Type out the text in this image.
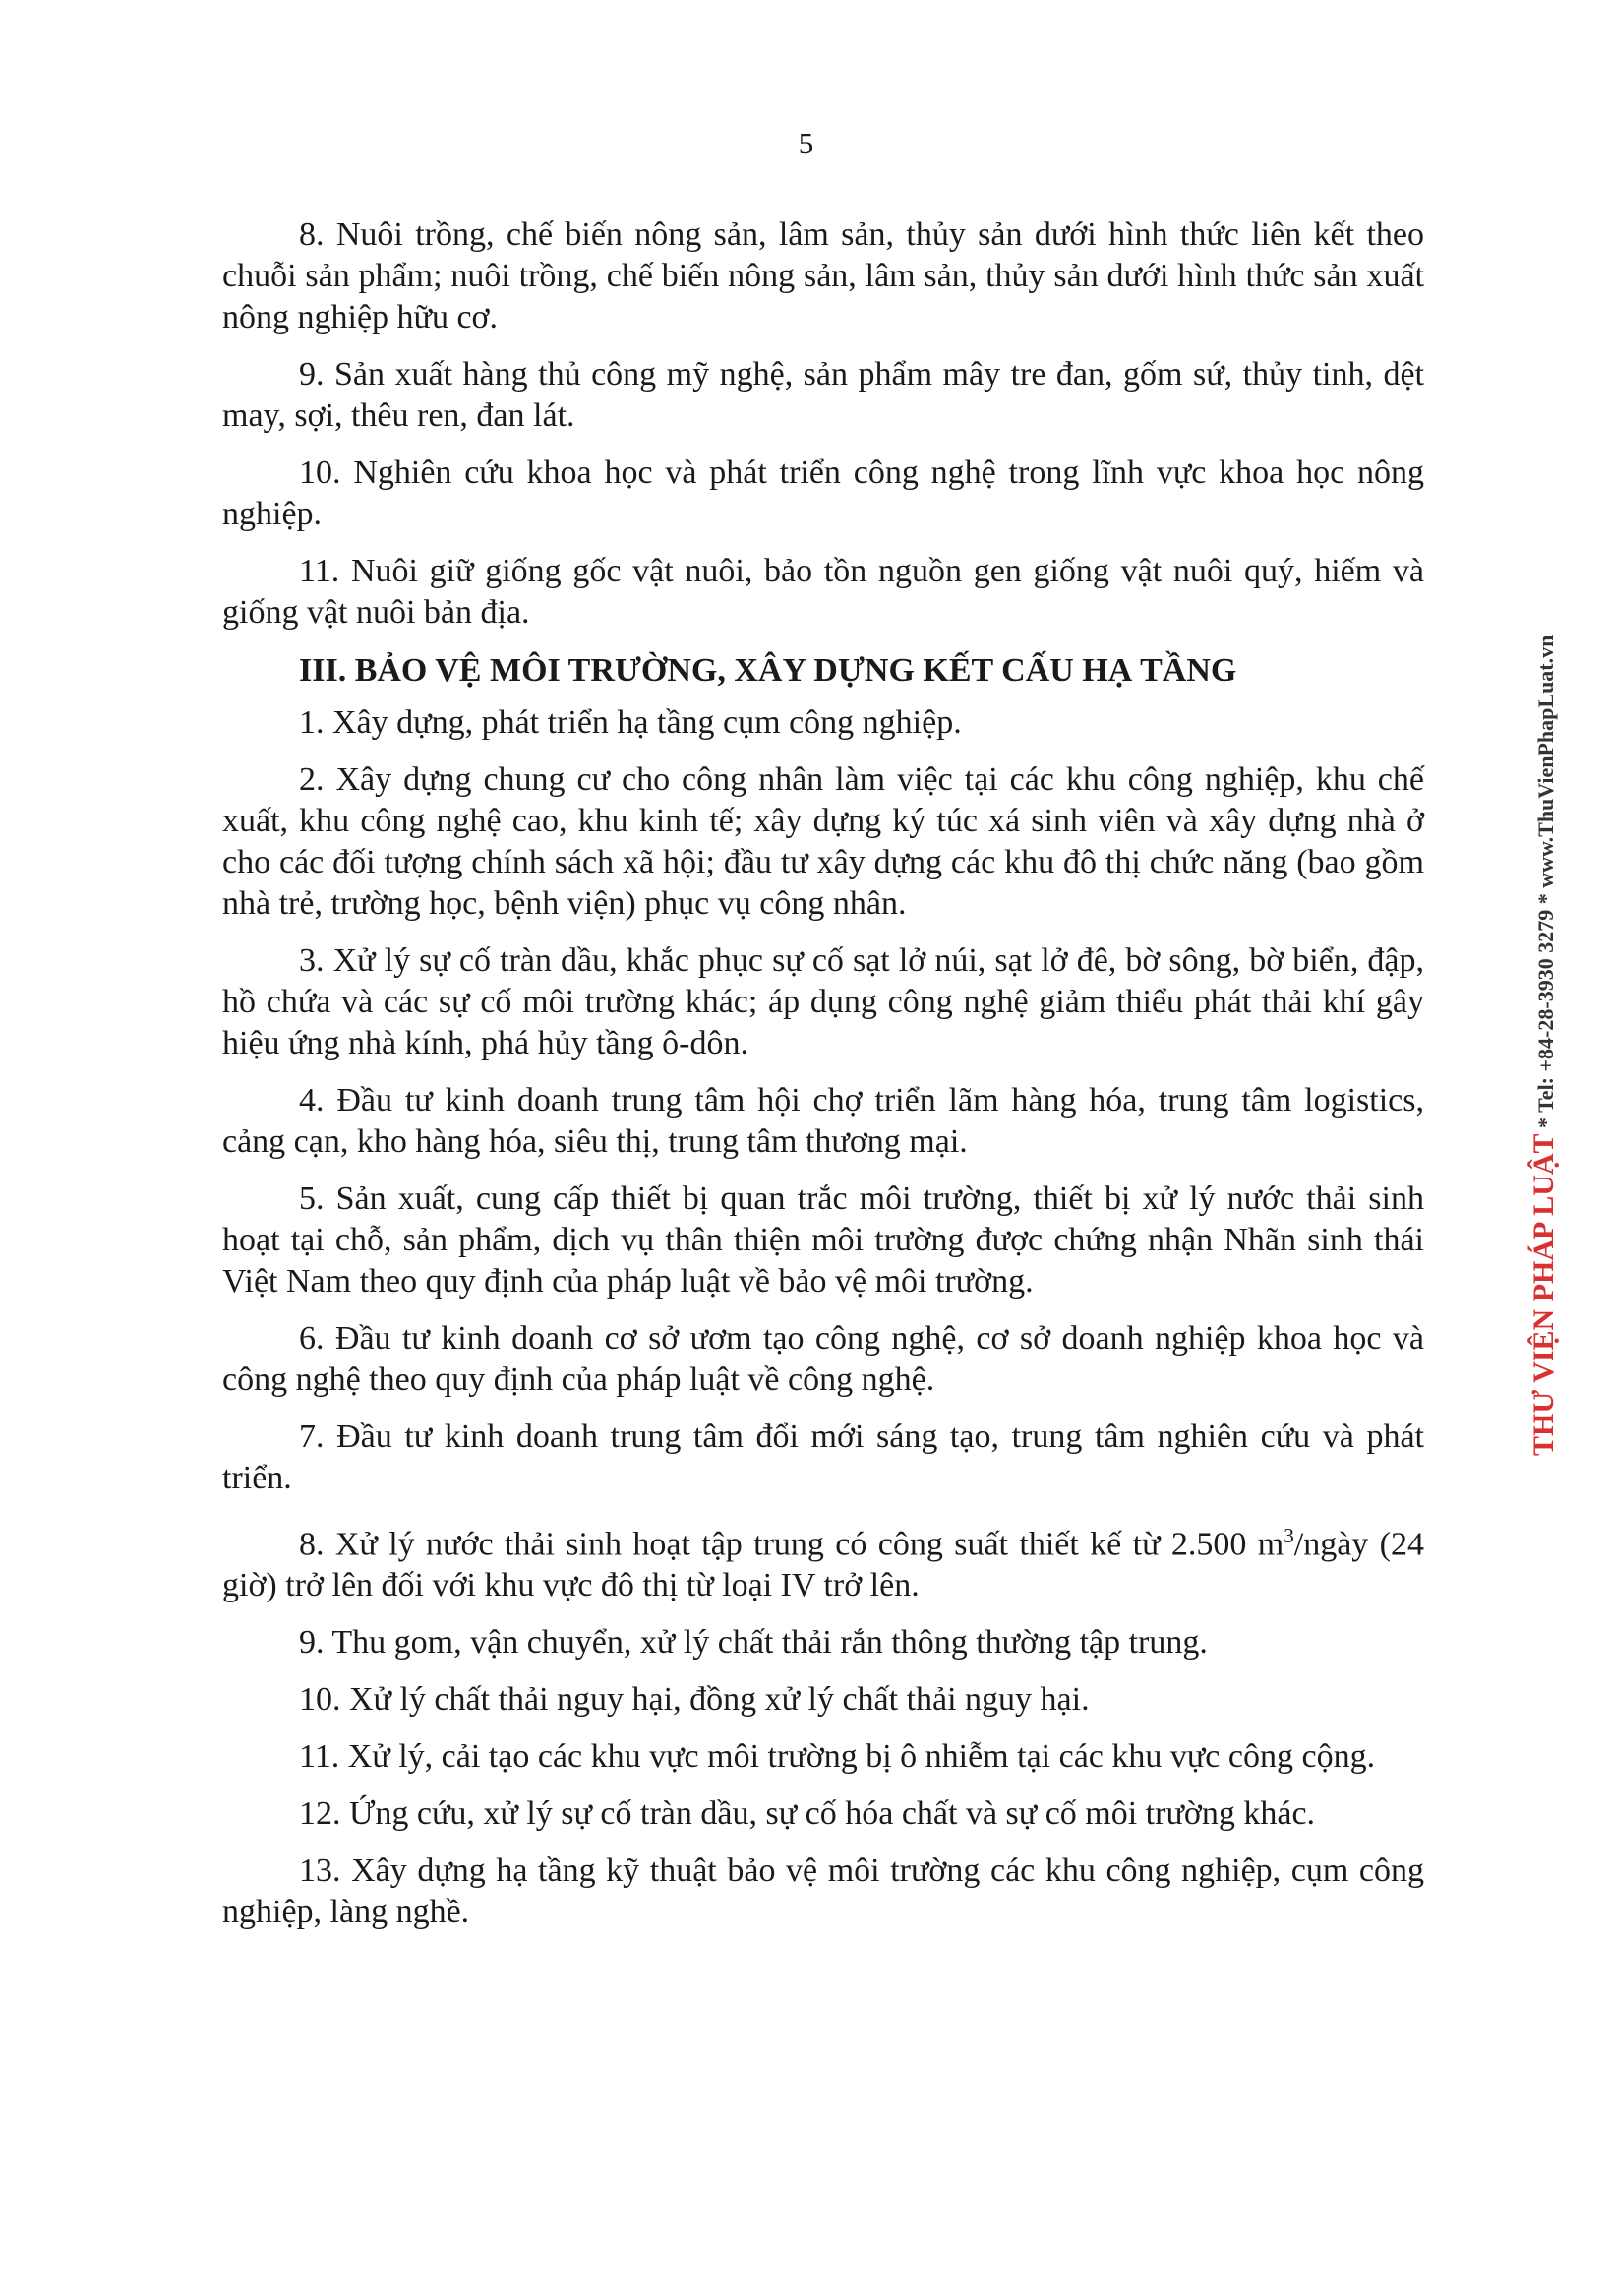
5

8. Nuôi trồng, chế biến nông sản, lâm sản, thủy sản dưới hình thức liên kết theo chuỗi sản phẩm; nuôi trồng, chế biến nông sản, lâm sản, thủy sản dưới hình thức sản xuất nông nghiệp hữu cơ.

9. Sản xuất hàng thủ công mỹ nghệ, sản phẩm mây tre đan, gốm sứ, thủy tinh, dệt may, sợi, thêu ren, đan lát.

10. Nghiên cứu khoa học và phát triển công nghệ trong lĩnh vực khoa học nông nghiệp.

11. Nuôi giữ giống gốc vật nuôi, bảo tồn nguồn gen giống vật nuôi quý, hiếm và giống vật nuôi bản địa.

III. BẢO VỆ MÔI TRƯỜNG, XÂY DỰNG KẾT CẤU HẠ TẦNG

1. Xây dựng, phát triển hạ tầng cụm công nghiệp.

2. Xây dựng chung cư cho công nhân làm việc tại các khu công nghiệp, khu chế xuất, khu công nghệ cao, khu kinh tế; xây dựng ký túc xá sinh viên và xây dựng nhà ở cho các đối tượng chính sách xã hội; đầu tư xây dựng các khu đô thị chức năng (bao gồm nhà trẻ, trường học, bệnh viện) phục vụ công nhân.

3. Xử lý sự cố tràn dầu, khắc phục sự cố sạt lở núi, sạt lở đê, bờ sông, bờ biển, đập, hồ chứa và các sự cố môi trường khác; áp dụng công nghệ giảm thiểu phát thải khí gây hiệu ứng nhà kính, phá hủy tầng ô-dôn.

4. Đầu tư kinh doanh trung tâm hội chợ triển lãm hàng hóa, trung tâm logistics, cảng cạn, kho hàng hóa, siêu thị, trung tâm thương mại.

5. Sản xuất, cung cấp thiết bị quan trắc môi trường, thiết bị xử lý nước thải sinh hoạt tại chỗ, sản phẩm, dịch vụ thân thiện môi trường được chứng nhận Nhãn sinh thái Việt Nam theo quy định của pháp luật về bảo vệ môi trường.

6. Đầu tư kinh doanh cơ sở ươm tạo công nghệ, cơ sở doanh nghiệp khoa học và công nghệ theo quy định của pháp luật về công nghệ.

7. Đầu tư kinh doanh trung tâm đổi mới sáng tạo, trung tâm nghiên cứu và phát triển.

8. Xử lý nước thải sinh hoạt tập trung có công suất thiết kế từ 2.500 $m^3$/ngày (24 giờ) trở lên đối với khu vực đô thị từ loại IV trở lên.

9. Thu gom, vận chuyển, xử lý chất thải rắn thông thường tập trung.

10. Xử lý chất thải nguy hại, đồng xử lý chất thải nguy hại.

11. Xử lý, cải tạo các khu vực môi trường bị ô nhiễm tại các khu vực công cộng.

12. Ứng cứu, xử lý sự cố tràn dầu, sự cố hóa chất và sự cố môi trường khác.

13. Xây dựng hạ tầng kỹ thuật bảo vệ môi trường các khu công nghiệp, cụm công nghiệp, làng nghề.

THƯ VIỆN PHÁP LUẬT * Tel: +84-28-3930 3279 * www.ThuVienPhapLuat.vn
